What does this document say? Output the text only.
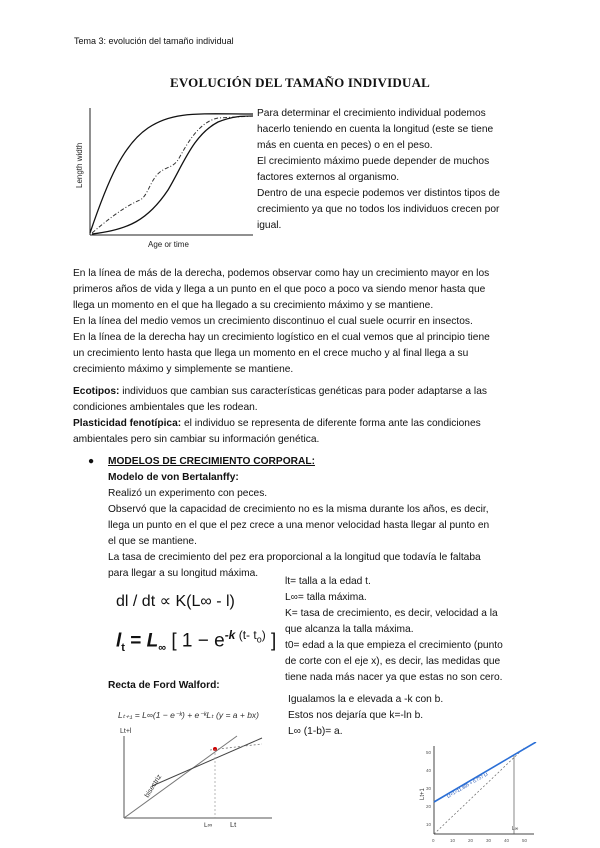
Tema 3: evolución del tamaño individual
EVOLUCIÓN DEL TAMAÑO INDIVIDUAL
Length width
Age or time
Para determinar el crecimiento individual podemos
hacerlo teniendo en cuenta la longitud (este se tiene
más en cuenta en peces) o en el peso.
El crecimiento máximo puede depender de muchos
factores externos al organismo.
Dentro de una especie podemos ver distintos tipos de
crecimiento ya que no todos los individuos crecen por
igual.
En la línea de más de la derecha, podemos observar como hay un crecimiento mayor en los
primeros años de vida y llega a un punto en el que poco a poco va siendo menor hasta que
llega un momento en el que ha llegado a su crecimiento máximo y se mantiene.
En la línea del medio vemos un crecimiento discontinuo el cual suele ocurrir en insectos.
En la línea de la derecha hay un crecimiento logístico en el cual vemos que al principio tiene
un crecimiento lento hasta que llega un momento en el crece mucho y al final llega a su
crecimiento máximo y simplemente se mantiene.
Ecotipos: individuos que cambian sus características genéticas para poder adaptarse a las
condiciones ambientales que les rodean.
Plasticidad fenotípica: el individuo se representa de diferente forma ante las condiciones
ambientales pero sin cambiar su información genética.
● MODELOS DE CRECIMIENTO CORPORAL:
Modelo de von Bertalanffy:
Realizó un experimento con peces.
Observó que la capacidad de crecimiento no es la misma durante los años, es decir,
llega un punto en el que el pez crece a una menor velocidad hasta llegar al punto en
el que se mantiene.
La tasa de crecimiento del pez era proporcional a la longitud que todavía le faltaba
para llegar a su longitud máxima.
dl / dt ∝ K(L∞ - l)
$l_t = L_\infty$ [ $1 - e^{-k (t- t_o)}$ ]
lt= talla a la edad t.
L∞= talla máxima.
K= tasa de crecimiento, es decir, velocidad a la
que alcanza la talla máxima.
t0= edad a la que empieza el crecimiento (punto
de corte con el eje x), es decir, las medidas que
tiene nada más nacer ya que estas no son cero.
Recta de Ford Walford:
Igualamos la e elevada a -k con b.
Estos nos dejaría que k=-ln b.
L∞ (1-b)= a.
Lₜ₊₁ = L∞(1 − e⁻ᵏ) + e⁻ᵏLₜ (y = a + bx)
Lt+l
bisectriz
L∞ Lt
Lt+1
50
40
30
20
10
0	10	20	30	40	50
Lt+1=11.895 + 0.757 Lt
L∞
